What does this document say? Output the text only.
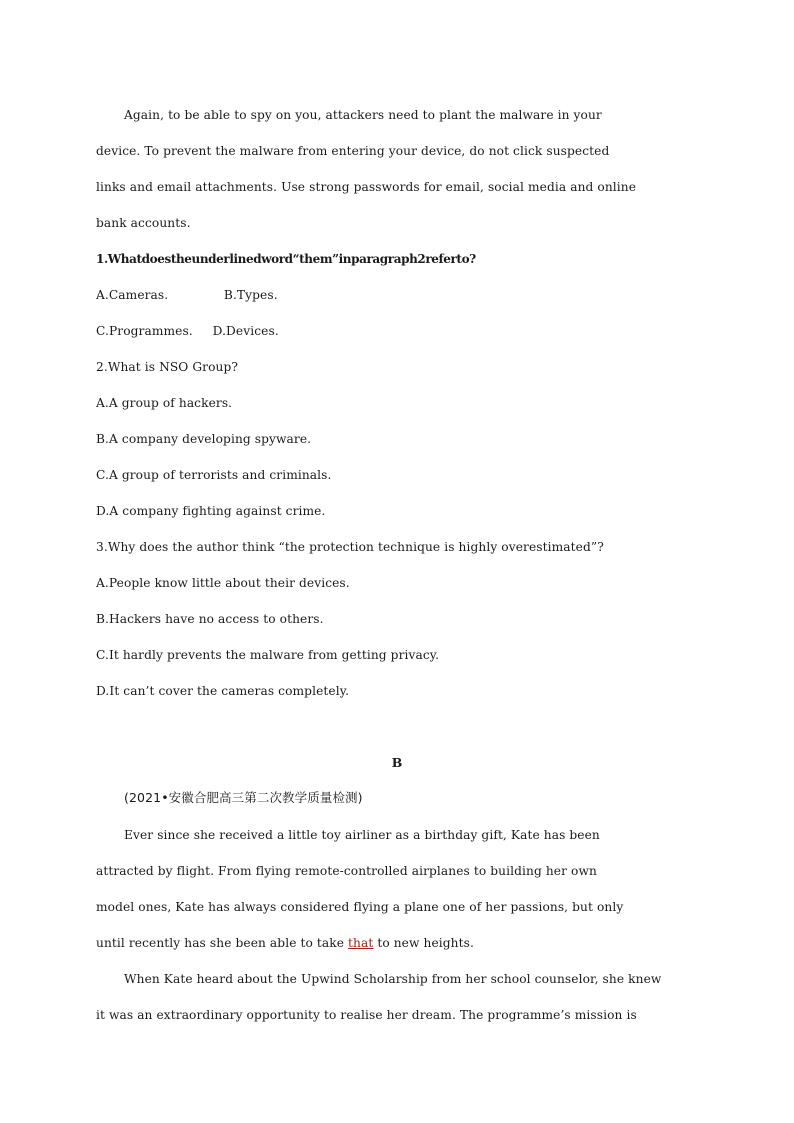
Again, to be able to spy on you, attackers need to plant the malware in your
device. To prevent the malware from entering your device, do not click suspected
links and email attachments. Use strong passwords for email, social media and online
bank accounts.
1.Whatdoestheunderlinedword“them”inparagraph2referto?
A.Cameras.              B.Types.
C.Programmes.     D.Devices.
2.What is NSO Group?
A.A group of hackers.
B.A company developing spyware.
C.A group of terrorists and criminals.
D.A company fighting against crime.
3.Why does the author think “the protection technique is highly overestimated”?
A.People know little about their devices.
B.Hackers have no access to others.
C.It hardly prevents the malware from getting privacy.
D.It can’t cover the cameras completely.
B
(2021•安徽合肥高三第二次教学质量检测)
Ever since she received a little toy airliner as a birthday gift, Kate has been
attracted by flight. From flying remote-controlled airplanes to building her own
model ones, Kate has always considered flying a plane one of her passions, but only
until recently has she been able to take that to new heights.
When Kate heard about the Upwind Scholarship from her school counselor, she knew
it was an extraordinary opportunity to realise her dream. The programme’s mission is
